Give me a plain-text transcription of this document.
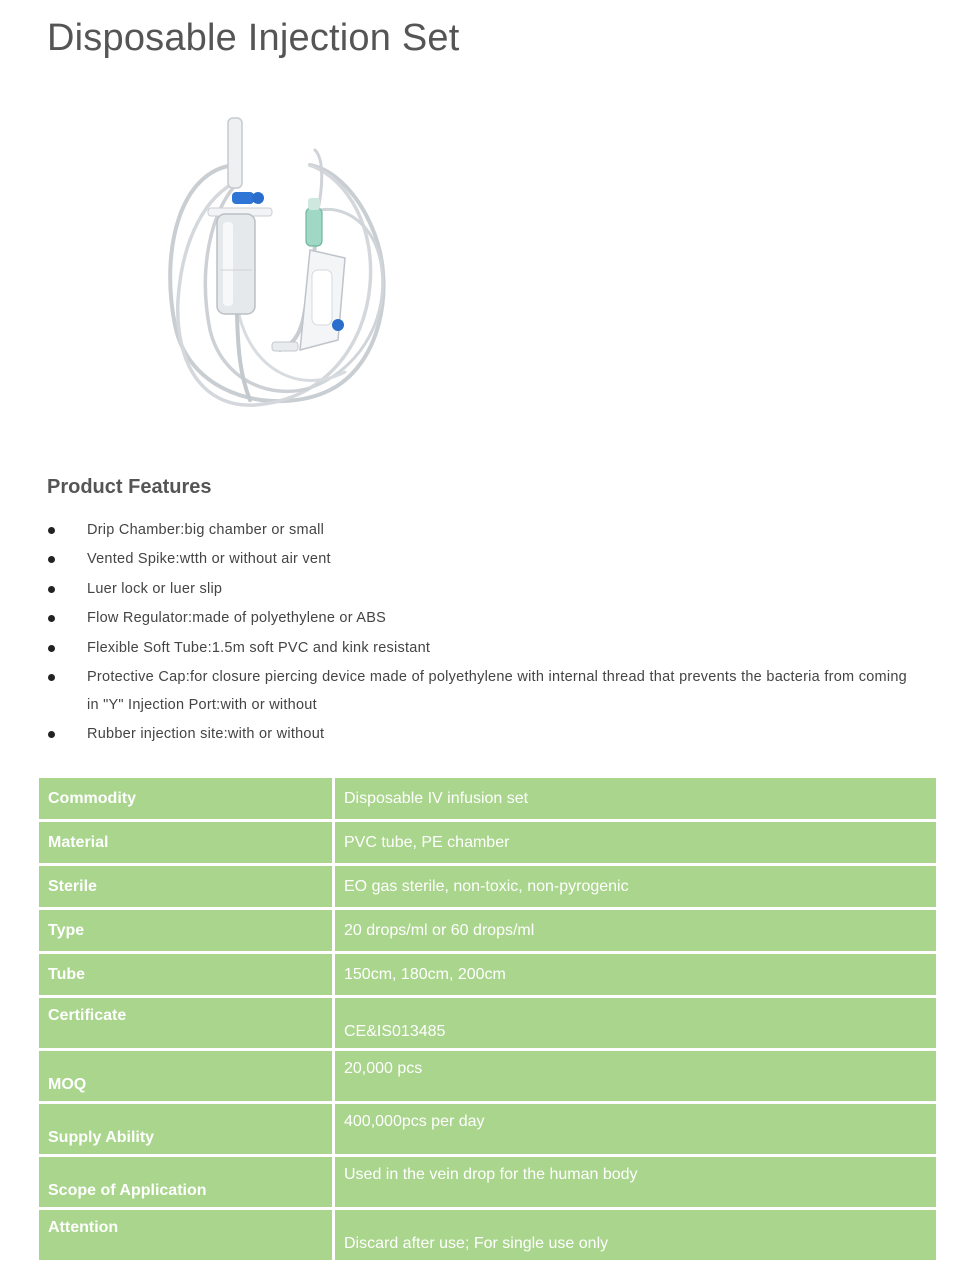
Disposable Injection Set
Product Features
Drip Chamber:big chamber or small
Vented Spike:wtth or without air vent
Luer lock or luer slip
Flow Regulator:made of polyethylene or ABS
Flexible Soft Tube:1.5m soft PVC and kink resistant
Protective Cap:for closure piercing device made of polyethylene with internal thread that prevents the bacteria from coming in "Y" Injection Port:with or without
Rubber injection site:with or without
Commodity	Disposable IV infusion set
Material	PVC tube, PE chamber
Sterile	EO gas sterile, non-toxic, non-pyrogenic
Type	20 drops/ml or 60 drops/ml
Tube	150cm, 180cm, 200cm
Certificate	CE&IS013485
MOQ	20,000 pcs
Supply Ability	400,000pcs per day
Scope of Application	Used in the vein drop for the human body
Attention	Discard after use; For single use only
